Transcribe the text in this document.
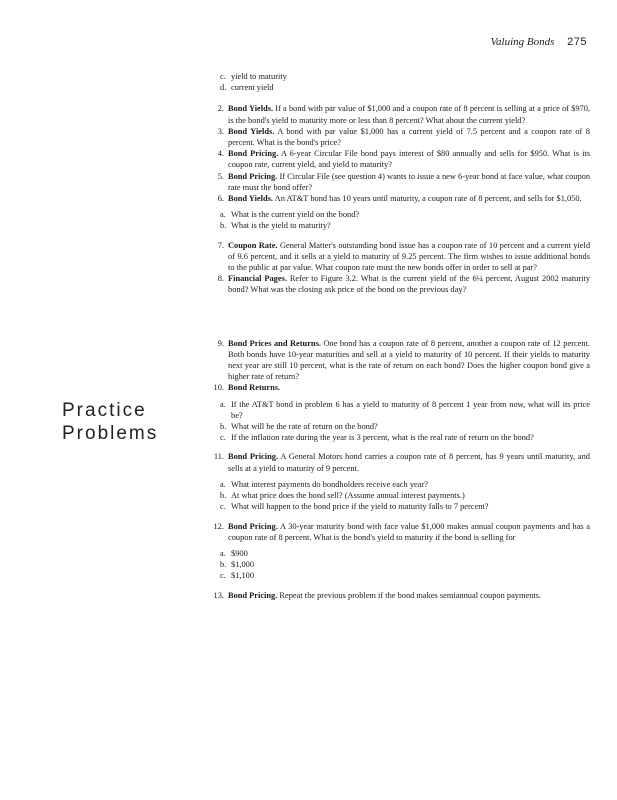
Valuing Bonds 275
Practice
Problems
c. yield to maturity
d. current yield
2. Bond Yields. If a bond with par value of $1,000 and a coupon rate of 8 percent is selling at a price of $970, is the bond's yield to maturity more or less than 8 percent? What about the current yield?
3. Bond Yields. A bond with par value $1,000 has a current yield of 7.5 percent and a coupon rate of 8 percent. What is the bond's price?
4. Bond Pricing. A 6-year Circular File bond pays interest of $80 annually and sells for $950. What is its coupon rate, current yield, and yield to maturity?
5. Bond Pricing. If Circular File (see question 4) wants to issue a new 6-year bond at face value, what coupon rate must the bond offer?
6. Bond Yields. An AT&T bond has 10 years until maturity, a coupon rate of 8 percent, and sells for $1,050.
a. What is the current yield on the bond?
b. What is the yield to maturity?
7. Coupon Rate. General Matter's outstanding bond issue has a coupon rate of 10 percent and a current yield of 9.6 percent, and it sells at a yield to maturity of 9.25 percent. The firm wishes to issue additional bonds to the public at par value. What coupon rate must the new bonds offer in order to sell at par?
8. Financial Pages. Refer to Figure 3.2. What is the current yield of the 6¼ percent, August 2002 maturity bond? What was the closing ask price of the bond on the previous day?
9. Bond Prices and Returns. One bond has a coupon rate of 8 percent, another a coupon rate of 12 percent. Both bonds have 10-year maturities and sell at a yield to maturity of 10 percent. If their yields to maturity next year are still 10 percent, what is the rate of return on each bond? Does the higher coupon bond give a higher rate of return?
10. Bond Returns.
a. If the AT&T bond in problem 6 has a yield to maturity of 8 percent 1 year from now, what will its price be?
b. What will be the rate of return on the bond?
c. If the inflation rate during the year is 3 percent, what is the real rate of return on the bond?
11. Bond Pricing. A General Motors bond carries a coupon rate of 8 percent, has 9 years until maturity, and sells at a yield to maturity of 9 percent.
a. What interest payments do bondholders receive each year?
b. At what price does the bond sell? (Assume annual interest payments.)
c. What will happen to the bond price if the yield to maturity falls to 7 percent?
12. Bond Pricing. A 30-year maturity bond with face value $1,000 makes annual coupon payments and has a coupon rate of 8 percent. What is the bond's yield to maturity if the bond is selling for
a. $900
b. $1,000
c. $1,100
13. Bond Pricing. Repeat the previous problem if the bond makes semiannual coupon payments.
